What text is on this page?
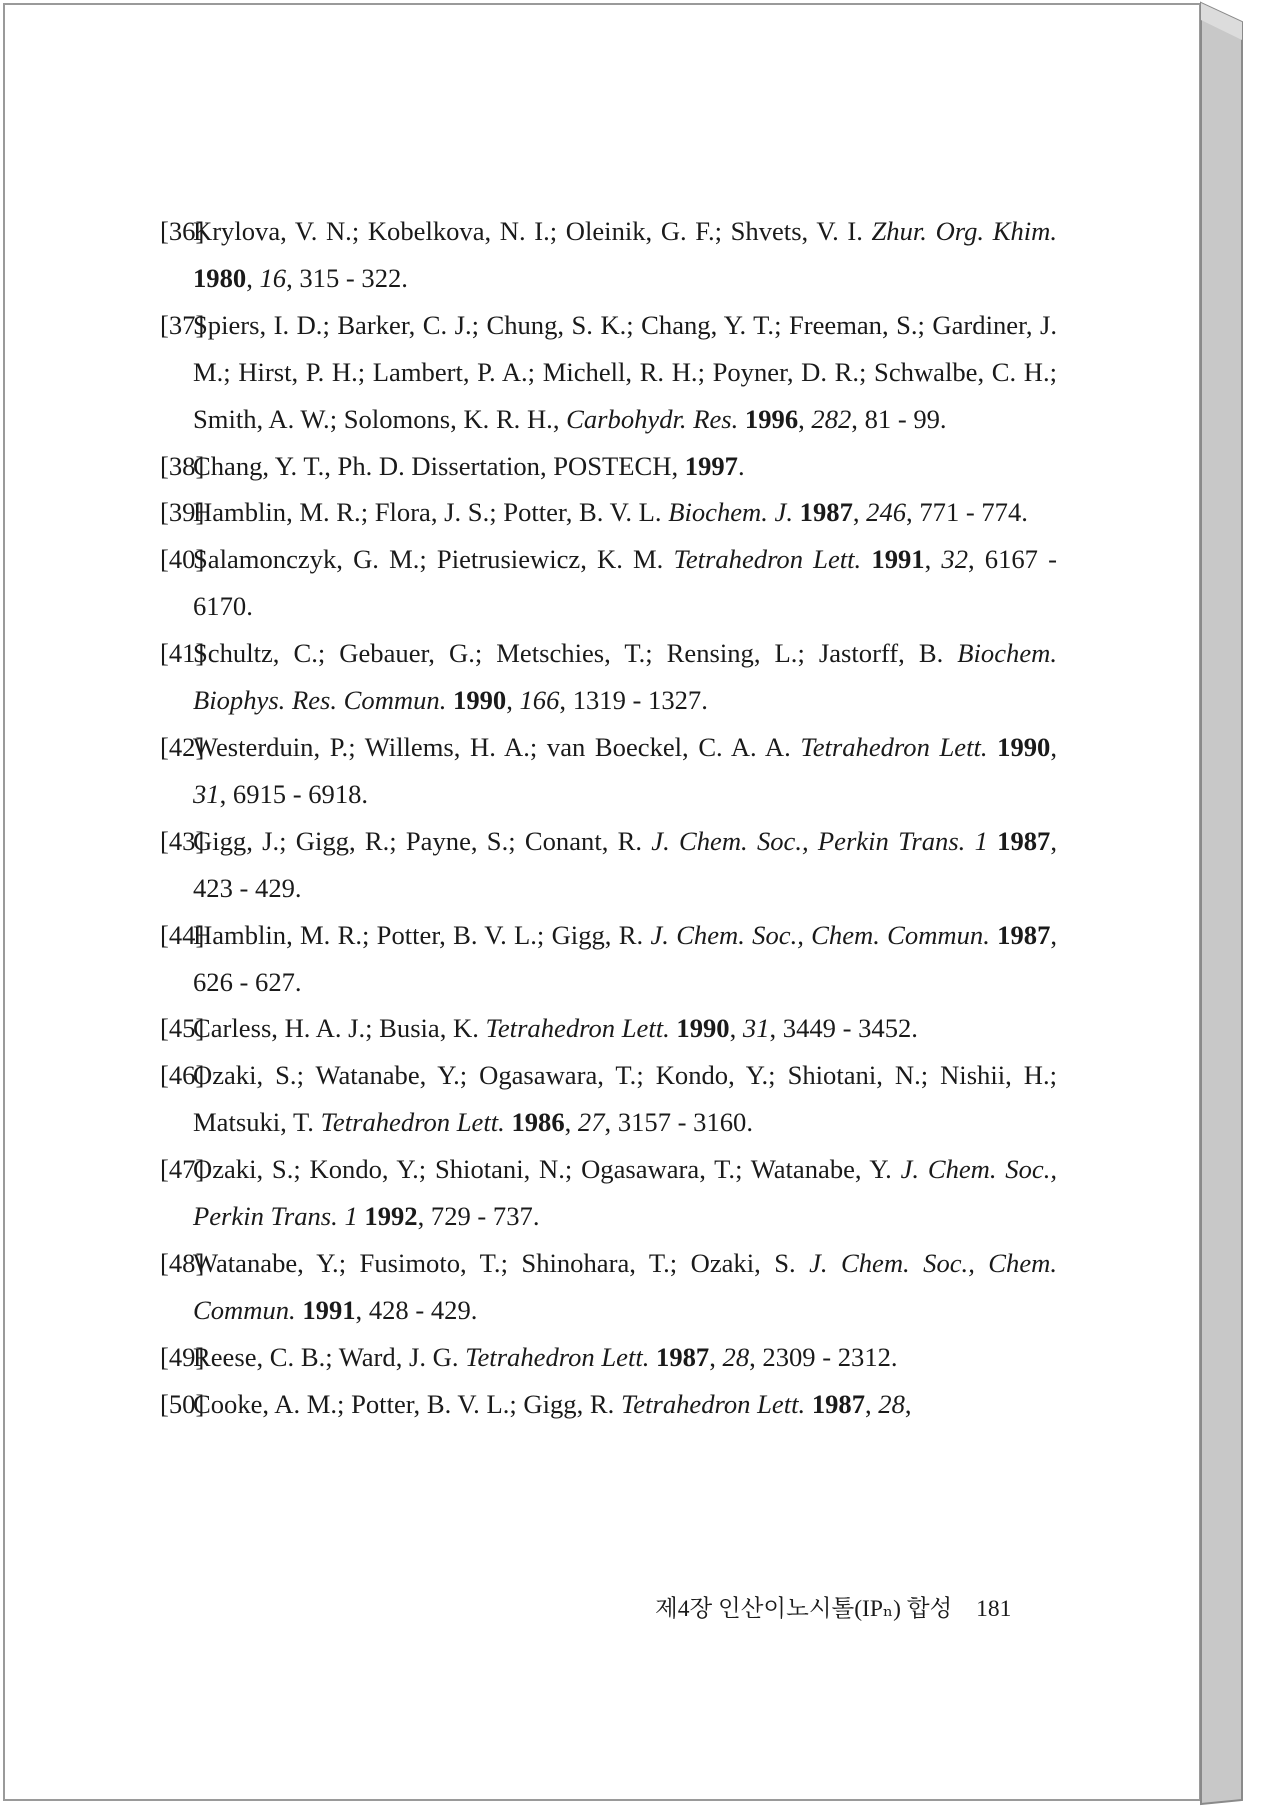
[36]
Krylova, V. N.; Kobelkova, N. I.; Oleinik, G. F.; Shvets, V. I. Zhur. Org. Khim. 1980, 16, 315 - 322.
[37]
Spiers, I. D.; Barker, C. J.; Chung, S. K.; Chang, Y. T.; Freeman, S.; Gardiner, J. M.; Hirst, P. H.; Lambert, P. A.; Michell, R. H.; Poyner, D. R.; Schwalbe, C. H.; Smith, A. W.; Solomons, K. R. H., Carbohydr. Res. 1996, 282, 81 - 99.
[38]
Chang, Y. T., Ph. D. Dissertation, POSTECH, 1997.
[39]
Hamblin, M. R.; Flora, J. S.; Potter, B. V. L. Biochem. J. 1987, 246, 771 - 774.
[40]
Salamonczyk, G. M.; Pietrusiewicz, K. M. Tetrahedron Lett. 1991, 32, 6167 - 6170.
[41]
Schultz, C.; Gebauer, G.; Metschies, T.; Rensing, L.; Jastorff, B. Biochem. Biophys. Res. Commun. 1990, 166, 1319 - 1327.
[42]
Westerduin, P.; Willems, H. A.; van Boeckel, C. A. A. Tetrahedron Lett. 1990, 31, 6915 - 6918.
[43]
Gigg, J.; Gigg, R.; Payne, S.; Conant, R. J. Chem. Soc., Perkin Trans. 1 1987, 423 - 429.
[44]
Hamblin, M. R.; Potter, B. V. L.; Gigg, R. J. Chem. Soc., Chem. Commun. 1987, 626 - 627.
[45]
Carless, H. A. J.; Busia, K. Tetrahedron Lett. 1990, 31, 3449 - 3452.
[46]
Ozaki, S.; Watanabe, Y.; Ogasawara, T.; Kondo, Y.; Shiotani, N.; Nishii, H.; Matsuki, T. Tetrahedron Lett. 1986, 27, 3157 - 3160.
[47]
Ozaki, S.; Kondo, Y.; Shiotani, N.; Ogasawara, T.; Watanabe, Y. J. Chem. Soc., Perkin Trans. 1 1992, 729 - 737.
[48]
Watanabe, Y.; Fusimoto, T.; Shinohara, T.; Ozaki, S. J. Chem. Soc., Chem. Commun. 1991, 428 - 429.
[49]
Reese, C. B.; Ward, J. G. Tetrahedron Lett. 1987, 28, 2309 - 2312.
[50]
Cooke, A. M.; Potter, B. V. L.; Gigg, R. Tetrahedron Lett. 1987, 28,
제4장 인산이노시톨(IPₙ) 합성 181
